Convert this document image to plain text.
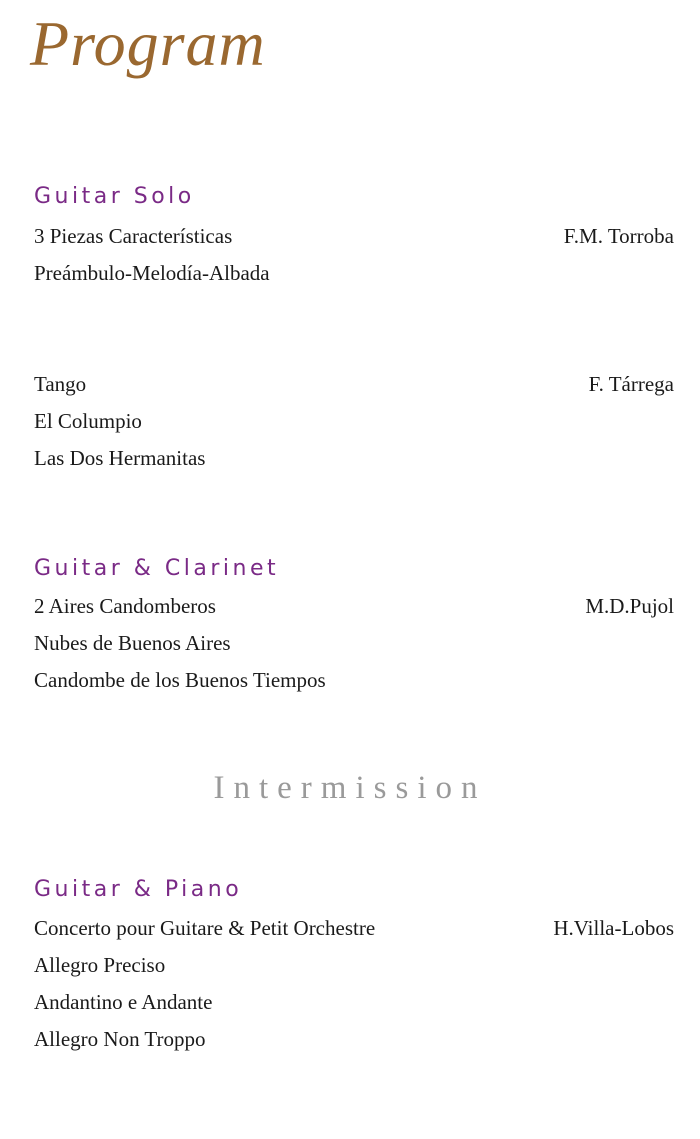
Program
Guitar Solo
3 Piezas Características	F.M. Torroba
Preámbulo-Melodía-Albada
Tango	F. Tárrega
El Columpio
Las Dos Hermanitas
Guitar & Clarinet
2 Aires Candomberos	M.D.Pujol
Nubes de Buenos Aires
Candombe de los Buenos Tiempos
Intermission
Guitar & Piano
Concerto pour Guitare & Petit Orchestre	H.Villa-Lobos
Allegro Preciso
Andantino e Andante
Allegro Non Troppo
